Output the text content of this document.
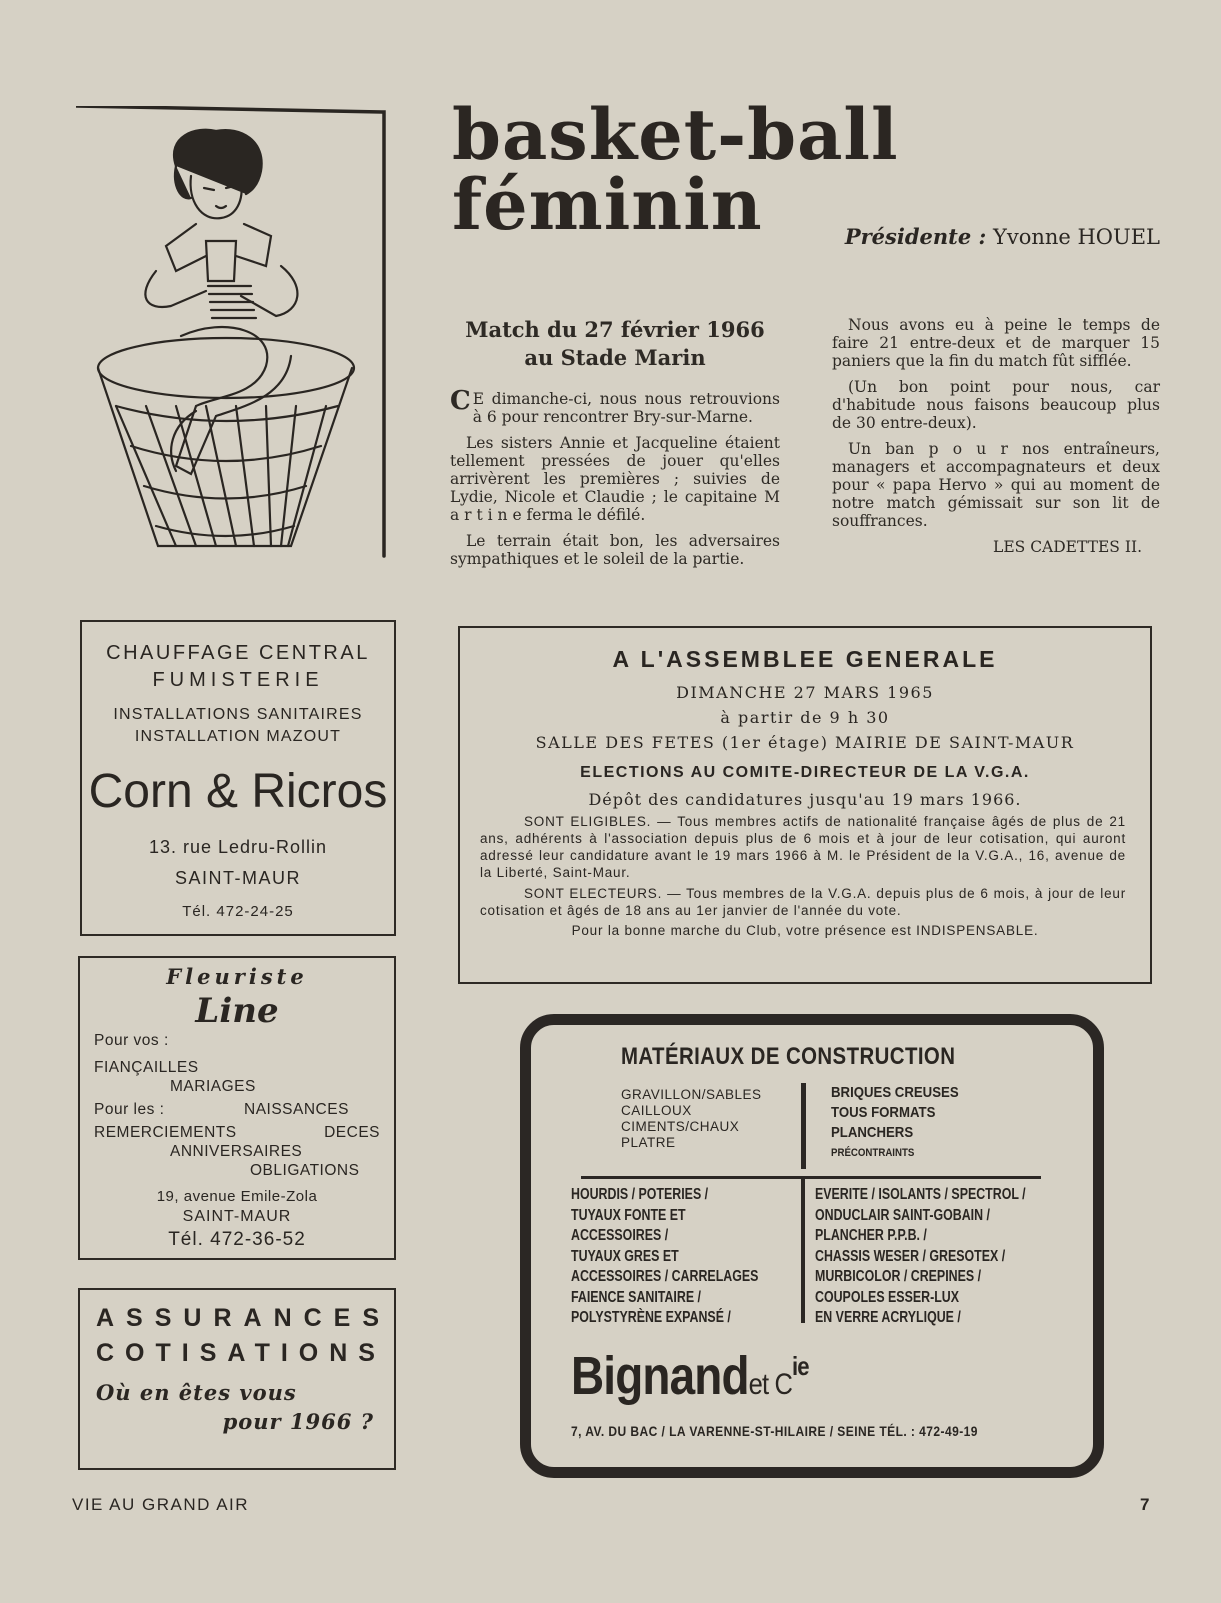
basket-ball féminin	Présidente : Yvonne HOUEL
Match du 27 février 1966
au Stade Marin

C E dimanche-ci, nous nous retrouvions à 6 pour rencontrer Bry-sur-Marne.

Les sisters Annie et Jacqueline étaient tellement pressées de jouer qu'elles arrivèrent les premières ; suivies de Lydie, Nicole et Claudie ; le capitaine M a r t i n e ferma le défilé.

Le terrain était bon, les adversaires sympathiques et le soleil de la partie.

Nous avons eu à peine le temps de faire 21 entre-deux et de marquer 15 paniers que la fin du match fût sifflée.

(Un bon point pour nous, car d'habitude nous faisons beaucoup plus de 30 entre-deux).

Un ban p o u r nos entraîneurs, managers et accompagnateurs et deux pour « papa Hervo » qui au moment de notre match gémissait sur son lit de souffrances.

LES CADETTES II.
CHAUFFAGE CENTRAL
FUMISTERIE
INSTALLATIONS SANITAIRES
INSTALLATION MAZOUT
Corn & Ricros
13. rue Ledru-Rollin
SAINT-MAUR
Tél. 472-24-25
Fleuriste
Line
Pour vos :
FIANÇAILLES
MARIAGES
Pour les :	NAISSANCES
REMERCIEMENTS	DECES
ANNIVERSAIRES
OBLIGATIONS
19, avenue Emile-Zola
SAINT-MAUR
Tél. 472-36-52
ASSURANCES
COTISATIONS
Où en êtes vous
pour 1966 ?
A L'ASSEMBLEE GENERALE
DIMANCHE 27 MARS 1965
à partir de 9 h 30
SALLE DES FETES (1er étage) MAIRIE DE SAINT-MAUR
ELECTIONS AU COMITE-DIRECTEUR DE LA V.G.A.
Dépôt des candidatures jusqu'au 19 mars 1966.
SONT ELIGIBLES. — Tous membres actifs de nationalité française âgés de plus de 21 ans, adhérents à l'association depuis plus de 6 mois et à jour de leur cotisation, qui auront adressé leur candidature avant le 19 mars 1966 à M. le Président de la V.G.A., 16, avenue de la Liberté, Saint-Maur.
SONT ELECTEURS. — Tous membres de la V.G.A. depuis plus de 6 mois, à jour de leur cotisation et âgés de 18 ans au 1er janvier de l'année du vote.
Pour la bonne marche du Club, votre présence est INDISPENSABLE.
MATÉRIAUX DE CONSTRUCTION
GRAVILLON/SABLES
CAILLOUX
CIMENTS/CHAUX
PLATRE
BRIQUES CREUSES
TOUS FORMATS
PLANCHERS
PRÉCONTRAINTS
HOURDIS / POTERIES /
TUYAUX FONTE ET
ACCESSOIRES /
TUYAUX GRES ET
ACCESSOIRES / CARRELAGES
FAIENCE SANITAIRE /
POLYSTYRÈNE EXPANSÉ /
EVERITE / ISOLANTS / SPECTROL /
ONDUCLAIR SAINT-GOBAIN /
PLANCHER P.P.B. /
CHASSIS WESER / GRESOTEX /
MURBICOLOR / CREPINES /
COUPOLES ESSER-LUX
EN VERRE ACRYLIQUE /
Bignandet $C^{ie}$
7, AV. DU BAC / LA VARENNE-ST-HILAIRE / SEINE TÉL. : 472-49-19
VIE AU GRAND AIR	7
